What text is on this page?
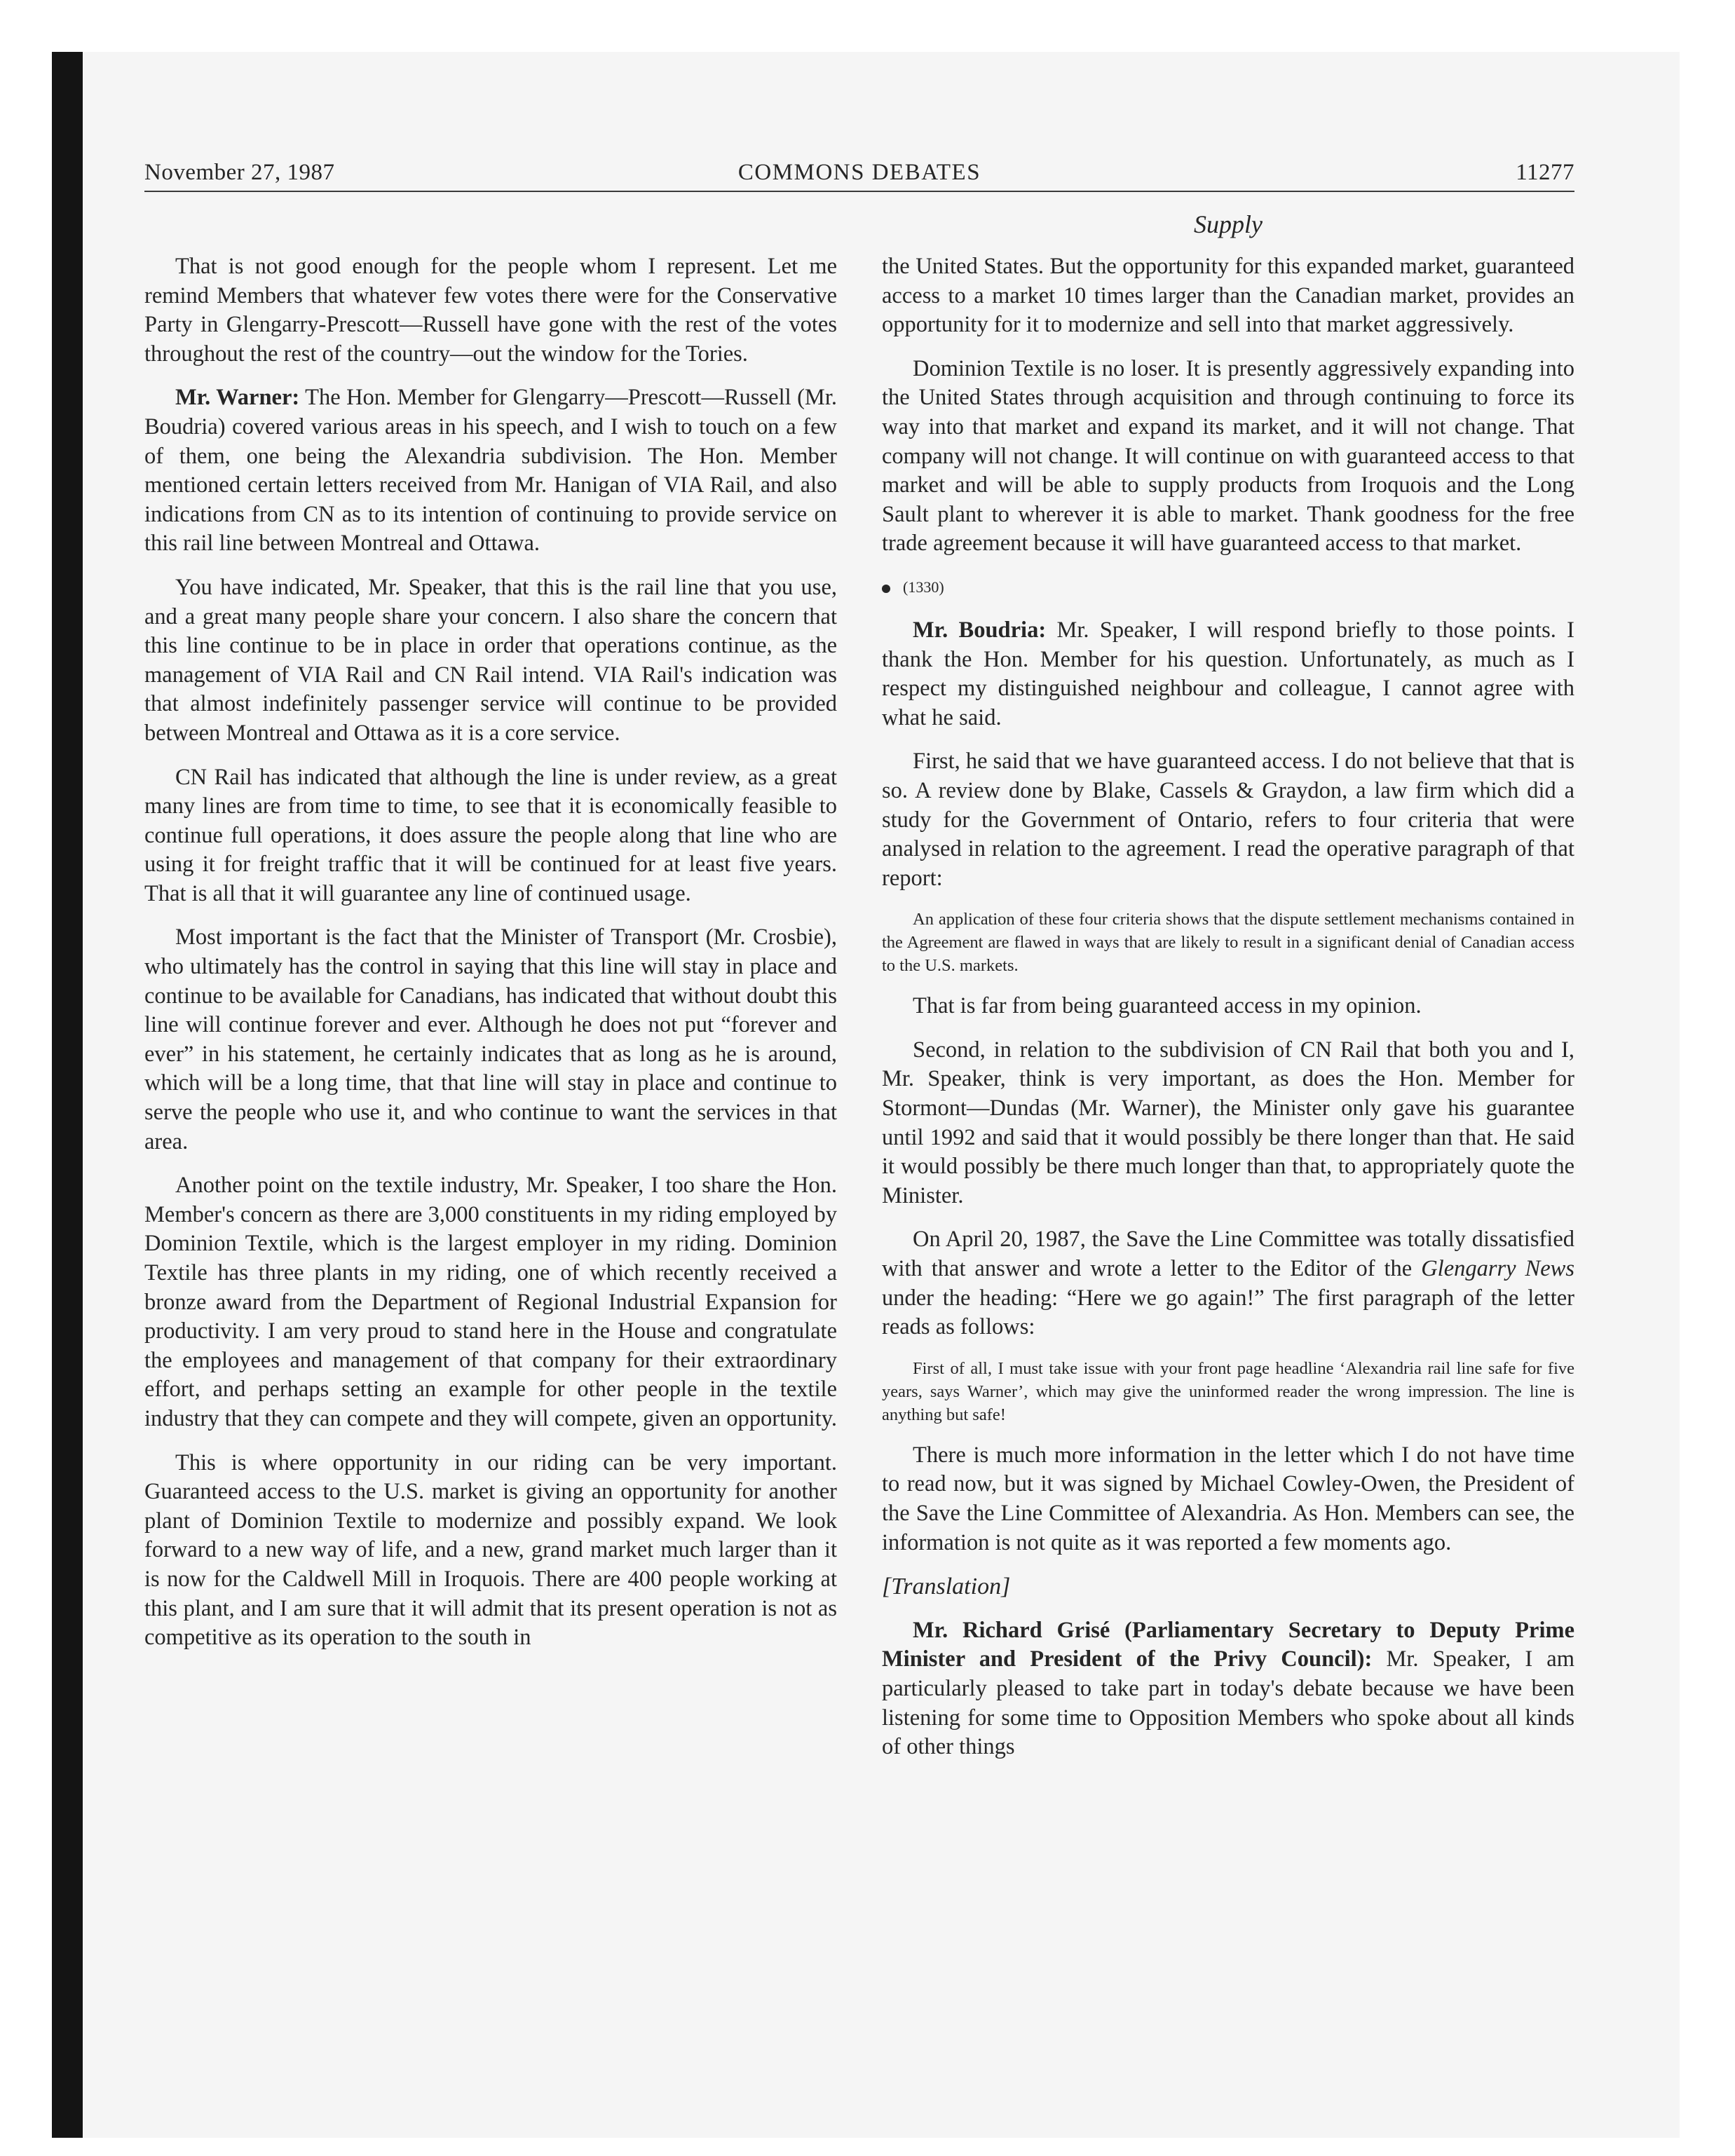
November 27, 1987	COMMONS DEBATES	11277
Supply

That is not good enough for the people whom I represent. Let me remind Members that whatever few votes there were for the Conservative Party in Glengarry-Prescott—Russell have gone with the rest of the votes throughout the rest of the country—out the window for the Tories.

Mr. Warner: The Hon. Member for Glengarry—Prescott—Russell (Mr. Boudria) covered various areas in his speech, and I wish to touch on a few of them, one being the Alexandria subdivision. The Hon. Member mentioned certain letters received from Mr. Hanigan of VIA Rail, and also indications from CN as to its intention of continuing to provide service on this rail line between Montreal and Ottawa.

You have indicated, Mr. Speaker, that this is the rail line that you use, and a great many people share your concern. I also share the concern that this line continue to be in place in order that operations continue, as the management of VIA Rail and CN Rail intend. VIA Rail's indication was that almost indefinitely passenger service will continue to be provided between Montreal and Ottawa as it is a core service.

CN Rail has indicated that although the line is under review, as a great many lines are from time to time, to see that it is economically feasible to continue full operations, it does assure the people along that line who are using it for freight traffic that it will be continued for at least five years. That is all that it will guarantee any line of continued usage.

Most important is the fact that the Minister of Transport (Mr. Crosbie), who ultimately has the control in saying that this line will stay in place and continue to be available for Canadians, has indicated that without doubt this line will continue forever and ever. Although he does not put “forever and ever” in his statement, he certainly indicates that as long as he is around, which will be a long time, that that line will stay in place and continue to serve the people who use it, and who continue to want the services in that area.

Another point on the textile industry, Mr. Speaker, I too share the Hon. Member's concern as there are 3,000 constituents in my riding employed by Dominion Textile, which is the largest employer in my riding. Dominion Textile has three plants in my riding, one of which recently received a bronze award from the Department of Regional Industrial Expansion for productivity. I am very proud to stand here in the House and congratulate the employees and management of that company for their extraordinary effort, and perhaps setting an example for other people in the textile industry that they can compete and they will compete, given an opportunity.

This is where opportunity in our riding can be very important. Guaranteed access to the U.S. market is giving an opportunity for another plant of Dominion Textile to modernize and possibly expand. We look forward to a new way of life, and a new, grand market much larger than it is now for the Caldwell Mill in Iroquois. There are 400 people working at this plant, and I am sure that it will admit that its present operation is not as competitive as its operation to the south in

the United States. But the opportunity for this expanded market, guaranteed access to a market 10 times larger than the Canadian market, provides an opportunity for it to modernize and sell into that market aggressively.

Dominion Textile is no loser. It is presently aggressively expanding into the United States through acquisition and through continuing to force its way into that market and expand its market, and it will not change. That company will not change. It will continue on with guaranteed access to that market and will be able to supply products from Iroquois and the Long Sault plant to wherever it is able to market. Thank goodness for the free trade agreement because it will have guaranteed access to that market.

(1330)

Mr. Boudria: Mr. Speaker, I will respond briefly to those points. I thank the Hon. Member for his question. Unfortunately, as much as I respect my distinguished neighbour and colleague, I cannot agree with what he said.

First, he said that we have guaranteed access. I do not believe that that is so. A review done by Blake, Cassels & Graydon, a law firm which did a study for the Government of Ontario, refers to four criteria that were analysed in relation to the agreement. I read the operative paragraph of that report:

An application of these four criteria shows that the dispute settlement mechanisms contained in the Agreement are flawed in ways that are likely to result in a significant denial of Canadian access to the U.S. markets.

That is far from being guaranteed access in my opinion.

Second, in relation to the subdivision of CN Rail that both you and I, Mr. Speaker, think is very important, as does the Hon. Member for Stormont—Dundas (Mr. Warner), the Minister only gave his guarantee until 1992 and said that it would possibly be there longer than that. He said it would possibly be there much longer than that, to appropriately quote the Minister.

On April 20, 1987, the Save the Line Committee was totally dissatisfied with that answer and wrote a letter to the Editor of the Glengarry News under the heading: “Here we go again!” The first paragraph of the letter reads as follows:

First of all, I must take issue with your front page headline ‘Alexandria rail line safe for five years, says Warner’, which may give the uninformed reader the wrong impression. The line is anything but safe!

There is much more information in the letter which I do not have time to read now, but it was signed by Michael Cowley-Owen, the President of the Save the Line Committee of Alexandria. As Hon. Members can see, the information is not quite as it was reported a few moments ago.

[Translation]

Mr. Richard Grisé (Parliamentary Secretary to Deputy Prime Minister and President of the Privy Council): Mr. Speaker, I am particularly pleased to take part in today's debate because we have been listening for some time to Opposition Members who spoke about all kinds of other things
